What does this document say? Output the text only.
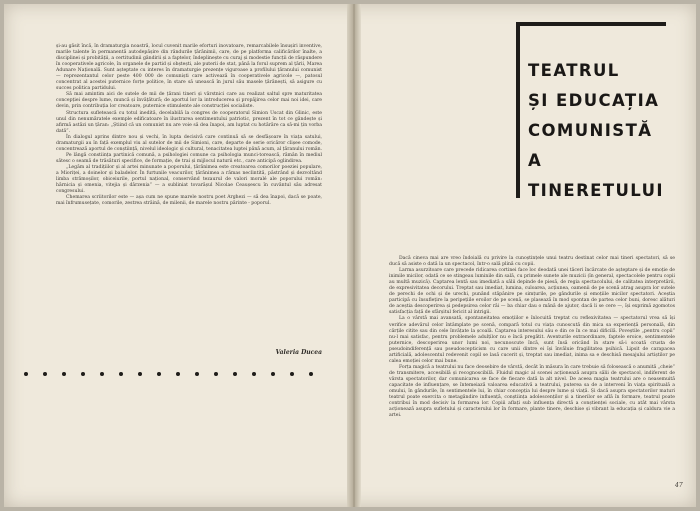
și-au găsit încă, în dramaturgia noastră, locul cuvenit marile eforturi inovatoare, remarcabilele însușiri inventive, marile talente în permanentă autodepășire din rândurile țărănimii, care, de pe platforma calificărilor înalte, a disciplinei și probității, a certitudinii gândirii și a faptelor, îndeplinește cu curaj și modestie funcții de răspundere în cooperativele agricole, în organele de partid și obștești, ale puterii de stat, până la forul suprem al țării, Marea Adunare Națională. Sunt așteptate cu interes în dramaturgie prezențe viguroase a profilului țăranului comunist — reprezentantul celor peste 400 000 de comuniști care activează în cooperativele agricole —, patosul concentrat al acestei puternice forțe politice, în stare să unească în jurul său masele țărănești, să asigure cu succes politica partidului.

Să mai amintim aici de sutele de mii de țărani tineri și vârstnici care au realizat saltul spre maturitatea concepției despre lume, muncă și învățătură; de aportul lor la introducerea și propăjirea celor mai noi idei, care devin, prin contribuția lor creatoare, puternice stimulente ale construcției socialiste.

Structura sufletească cu totul inedită, decelabilă la congres de cooperatorul Simion Uscat din Glinic, este unul din nenumăratele exemple edificatoare în ilustrarea sentimentului patriotic, prezent în tot ce gândește și afirmă astăzi un țăran: „Știind că un comunist nu are voie să dea înapoi, am luptat cu hotărâre ca să-mi țin vorba dată”.

În dialogul aprins dintre nou și vechi, în lupta decisivă care continuă să se desfășoare în viața satului, dramaturgii au în față exemplul viu al sutelor de mii de Simioni, care, departe de serie oricăror clișee comode, concentrează aportul de conștiință, nivelul ideologic și cultural, tenacitatea luptei până acum, al țăranului român.

Pe lângă constiința partinică comună, a psihologiei comune ca psihologia munci-torească, rămân în mediul sătesc o seamă de trăsături specifice, de formație, de trai și mijlocul naturii etc., care anticipă oglindirea.

„Legăm al tradițiilor și al artei minunate a poporului, țărănimea este creatoarea comorilor poeziei populare, a Mioriței, a doinelor și baladelor. În furtunile veacurilor, țărănimea a rămas neclintită, păstrând și dezvoltând limba strămoșilor, obiceiurile, portul național, conservând tezaurul de valori moralé ale poporului român: hărnicia și omenia, vitejia și dârzenia” — a subliniat tovarășul Nicolae Ceaușescu în cuvântul său adresat congresului.

Chemarea scriitorilor este — așa cum ne spune marele nostru poet Arghezi — să dea înapoi, dacă se poate, mai înfrumusețate, comorile, zestrea străină, de milenii, de marele nostru părinte - poporul.

Valeria Ducea
TEATRUL
ȘI EDUCAȚIA
COMUNISTĂ
A
TINERETULUI

Dacă cineva mai are vreo îndoială cu privire la cunoștințele unui teatru destinat celor mai tineri spectatori, să se ducă să asiste o dată la un spectacol, într-o sală plină cu copii.

Larma asurzitoare care precede ridicarea cortinei face loc deodată unei tăceri încărcate de așteptare și de emoție de inimile micilor, odată ce se stingeau luminile din sală, cu primele sunete ale muzicii (în general, spectacolele pentru copii au multă muzică). Captarea lentă sau imediată a sălii depinde de piesă, de regia spectacolului, de calitatea interpretării, de expresivitatea decorului. Treptat sau imediat, lumina, culoarea, acțiunea, oamenii de pe scenă atrag asupra lor sutele de perechi de ochi și de urechi, punând stăpânire pe simțurile, pe gândurile și emoțiile micilor spectatori. Aceștia participă cu însuflețire la peripețiile eroilor de pe scenă, se plasează în mod spontan de partea celor buni, doresc alături de aceștia descoperirea și pedepsirea celor răi — ba chiar dau o mână de ajutor, dacă li se cere —, își exprimă zgomotos satisfacția față de sfârșitul fericit al intrigii.

La o vârstă mai avansată, spontaneitatea emoțiilor e înlocuită treptat cu reflexivitatea — spectatorul vrea să își verifice adevărul celor întâmplate pe scenă, compară totul cu viața cunoscută din mica sa experiență personală, din cărțile citite sau din cele învățate la școală. Captarea interesului său e din ce în ce mai dificilă. Poveștile „pentru copii” nu-l mai satisfac, pentru problemele adulților nu e încă pregătit. Aventurile extraordinare, faptele eroice, sentimentele puternice, descoperirea unor lumi noi, necunoscute încă, sunt însă oricând în stare să-i scoată crusta de pseudoindiferență sau pseudoscepticism cu care unii dintre ei își învăluie fragilitatea psihică. Lipsit de carapacea artificială, adolescentul redevenit copil se lasă cucerit și, treptat sau imediat, inima sa e deschisă mesajului artiștilor pe calea emoției celor mai bune.

Forța magică a teatrului nu face deosebire de vârstă, decât în măsura în care trebuie să folosească o anumită „cheie” de transmitere, accesibilă și recognoscibilă. Fluidul magic al scenei acționează asupra sălii de spectacol, indiferent de vârsta spectatorilor, dar comunicarea se face de fiecare dată la alt nivel. De aceea magia teatrului are o neasemuită capacitate de influențare, se întemeiază valoarea educativă a teatrului, puterea sa de a interveni în viața spirituală a omului, în gândurile, în sentimentele lui, în chiar concepția lui despre lume și viață. Și dacă asupra spectatorilor maturi teatrul poate exercita o metagândire influență, conștiința adolescenților și a tinerilor se află în formare, teatrul poate contribui în mod decisiv la formarea lor. Copiii aflați sub influența directă a conștienței sociale, cu atât mai vârsta acționează asupra sufletului și caracterului lor în formare, plante tinere, deschise și vibrant la educația și caldura vie a artei.

47
